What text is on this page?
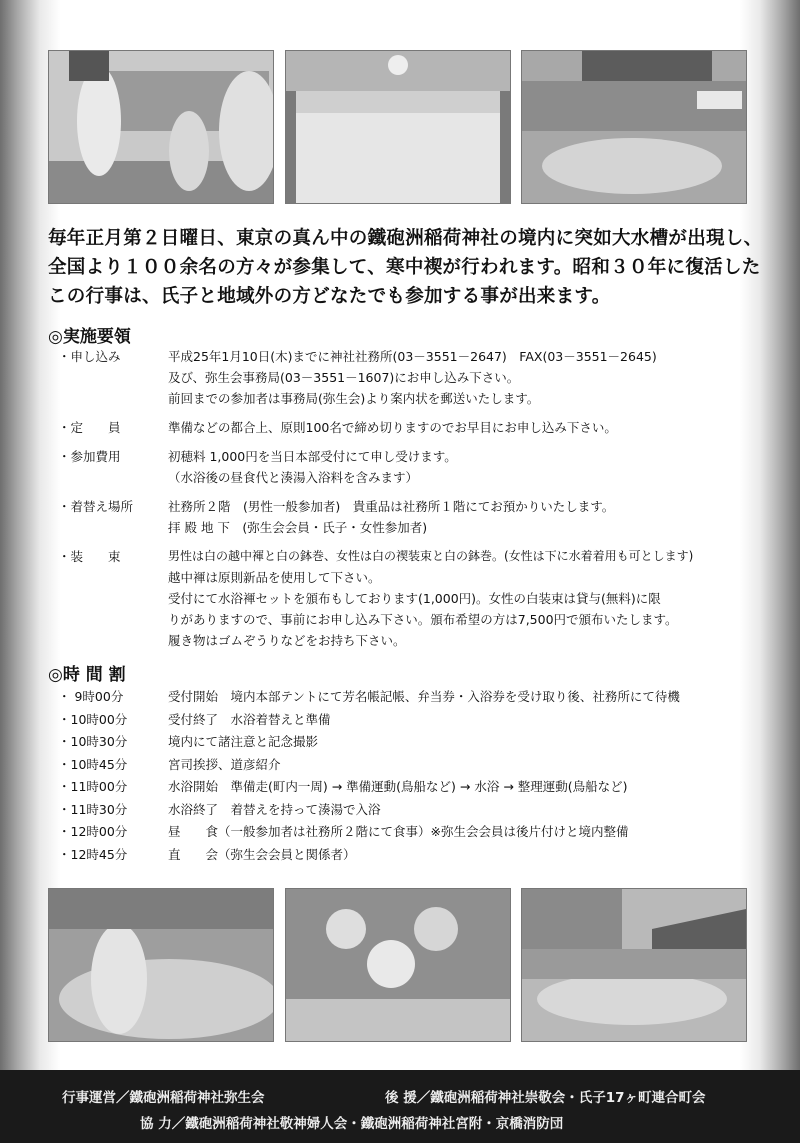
毎年正月第２日曜日、東京の真ん中の鐵砲洲稲荷神社の境内に突如大水槽が出現し、

全国より１００余名の方々が参集して、寒中禊が行われます。昭和３０年に復活した

この行事は、氏子と地域外の方どなたでも参加する事が出来ます。

◎実施要領
・申し込み	平成25年1月10日(木)までに神社社務所(03－3551－2647)　FAX(03－3551－2645)
及び、弥生会事務局(03－3551－1607)にお申し込み下さい。
前回までの参加者は事務局(弥生会)より案内状を郵送いたします。
・定　　員	準備などの都合上、原則100名で締め切りますのでお早目にお申し込み下さい。
・参加費用	初穂料 1,000円を当日本部受付にて申し受けます。
（水浴後の昼食代と湊湯入浴料を含みます）
・着替え場所	社務所２階　(男性一般参加者)　貴重品は社務所１階にてお預かりいたします。
拝 殿 地 下　(弥生会会員・氏子・女性参加者)
・装　　束	男性は白の越中褌と白の鉢巻、女性は白の禊装束と白の鉢巻。(女性は下に水着着用も可とします)
越中褌は原則新品を使用して下さい。
受付にて水浴褌セットを頒布もしております(1,000円)。女性の白装束は貸与(無料)に限
りがありますので、事前にお申し込み下さい。頒布希望の方は7,500円で頒布いたします。
履き物はゴムぞうりなどをお持ち下さい。
◎時 間 割
・ 9時00分	受付開始　境内本部テントにて芳名帳記帳、弁当券・入浴券を受け取り後、社務所にて待機
・10時00分	受付終了　水浴着替えと準備
・10時30分	境内にて諸注意と記念撮影
・10時45分	宮司挨拶、道彦紹介
・11時00分	水浴開始　準備走(町内一周) → 準備運動(鳥船など) → 水浴 → 整理運動(鳥船など)
・11時30分	水浴終了　着替えを持って湊湯で入浴
・12時00分	昼　　食（一般参加者は社務所２階にて食事）※弥生会会員は後片付けと境内整備
・12時45分	直　　会（弥生会会員と関係者）
行事運営／鐵砲洲稲荷神社弥生会	後 援／鐵砲洲稲荷神社崇敬会・氏子17ヶ町連合町会
協 力／鐵砲洲稲荷神社敬神婦人会・鐵砲洲稲荷神社宮附・京橋消防団
